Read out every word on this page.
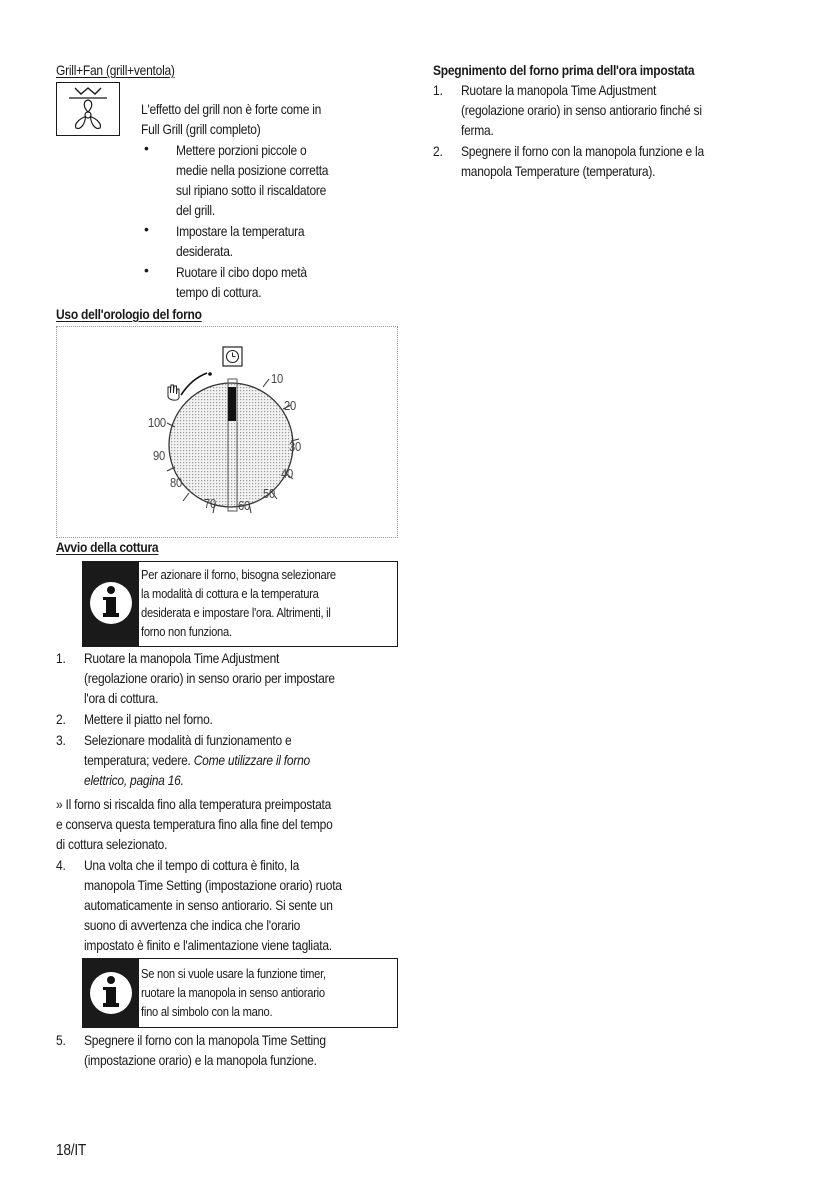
Grill+Fan (grill+ventola)

L'effetto del grill non è forte come in

Full Grill (grill completo)

• Mettere porzioni piccole o

medie nella posizione corretta

sul ripiano sotto il riscaldatore

del grill.

• Impostare la temperatura

desiderata.

• Ruotare il cibo dopo metà

tempo di cottura.

Uso dell'orologio del forno

10
20
30
40
50
60
70
80
90
100

Avvio della cottura

Per azionare il forno, bisogna selezionare

la modalità di cottura e la temperatura

desiderata e impostare l'ora. Altrimenti, il

forno non funziona.

1. Ruotare la manopola Time Adjustment

(regolazione orario) in senso orario per impostare

l'ora di cottura.

2. Mettere il piatto nel forno.

3. Selezionare modalità di funzionamento e

temperatura; vedere. Come utilizzare il forno

elettrico, pagina 16.

» Il forno si riscalda fino alla temperatura preimpostata

e conserva questa temperatura fino alla fine del tempo

di cottura selezionato.

4. Una volta che il tempo di cottura è finito, la

manopola Time Setting (impostazione orario) ruota

automaticamente in senso antiorario. Si sente un

suono di avvertenza che indica che l'orario

impostato è finito e l'alimentazione viene tagliata.

Se non si vuole usare la funzione timer,

ruotare la manopola in senso antiorario

fino al simbolo con la mano.

5. Spegnere il forno con la manopola Time Setting

(impostazione orario) e la manopola funzione.

Spegnimento del forno prima dell'ora impostata

1. Ruotare la manopola Time Adjustment

(regolazione orario) in senso antiorario finché si

ferma.

2. Spegnere il forno con la manopola funzione e la

manopola Temperature (temperatura).

18/IT
